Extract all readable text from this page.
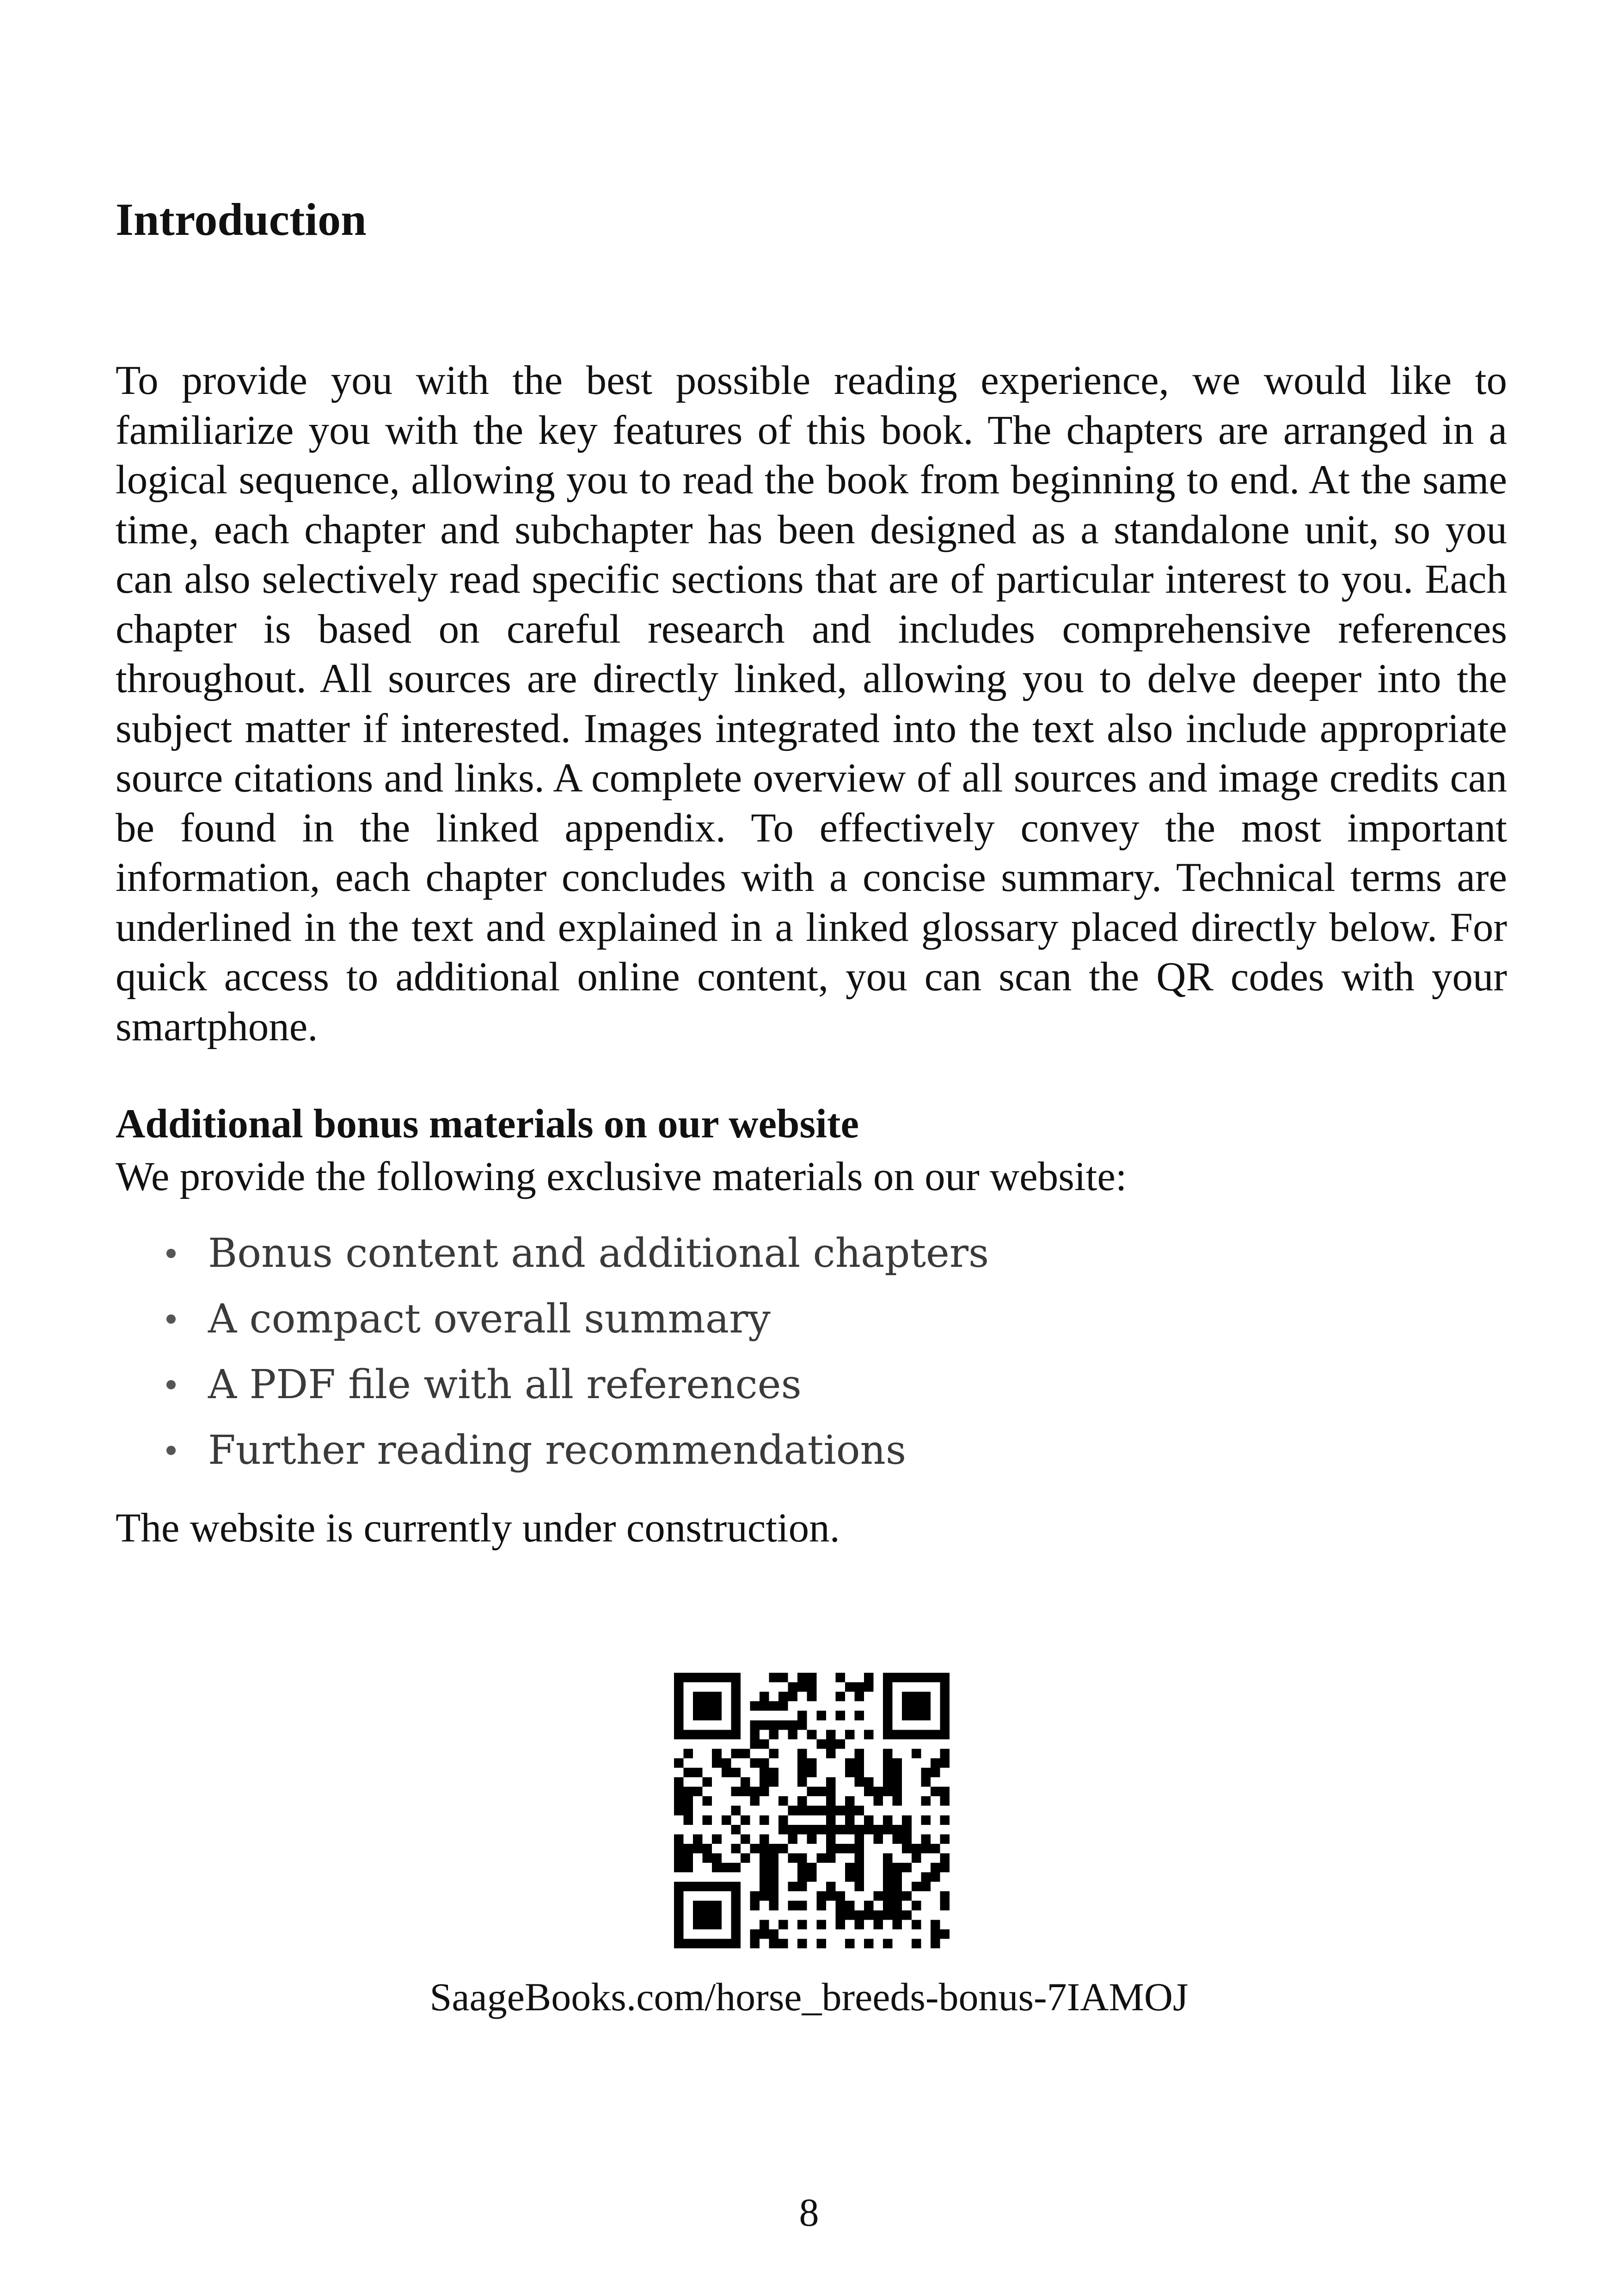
Introduction

To provide you with the best possible reading experience, we would like to familiarize you with the key features of this book. The chapters are arranged in a logical sequence, allowing you to read the book from beginning to end. At the same time, each chapter and subchapter has been designed as a standalone unit, so you can also selectively read specific sections that are of particular interest to you. Each chapter is based on careful research and includes comprehensive references throughout. All sources are directly linked, allowing you to delve deeper into the subject matter if interested. Images integrated into the text also include appropriate source citations and links. A complete overview of all sources and image credits can be found in the linked appendix. To effectively convey the most important information, each chapter concludes with a concise summary. Technical terms are underlined in the text and explained in a linked glossary placed directly below. For quick access to additional online content, you can scan the QR codes with your smartphone.

Additional bonus materials on our website

We provide the following exclusive materials on our website:

Bonus content and additional chapters
A compact overall summary
A PDF file with all references
Further reading recommendations

The website is currently under construction.

SaageBooks.com/horse_breeds-bonus-7IAMOJ

8
